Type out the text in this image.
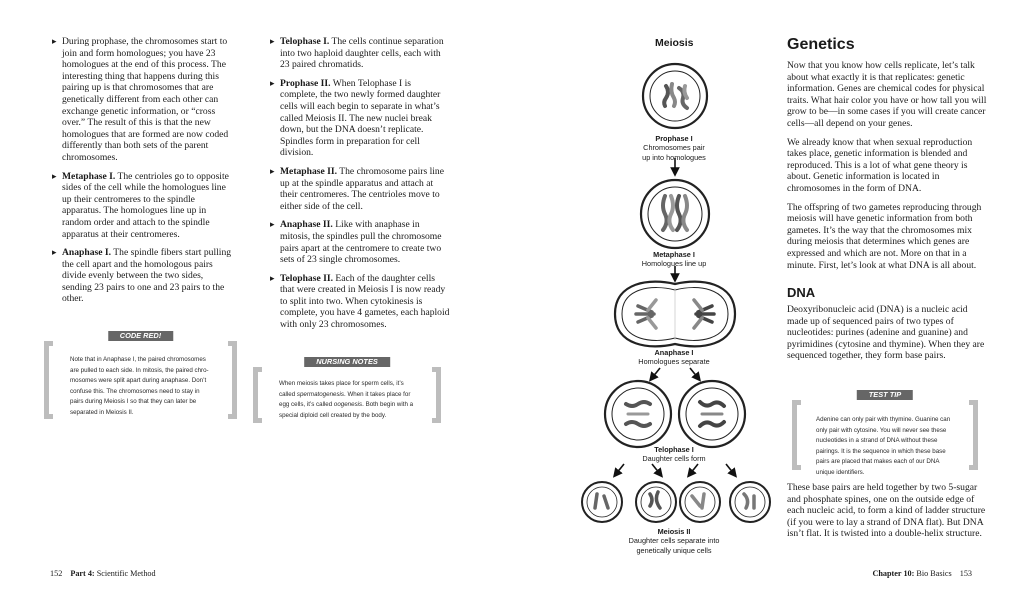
▸ During prophase, the chromosomes start to join and form homologues; you have 23 homologues at the end of this process. The interesting thing that happens during this pairing up is that chromosomes that are genetically different from each other can exchange genetic information, or “cross over.” The result of this is that the new homologues that are formed are now coded differently than both sets of the parent chromosomes.
▸ Metaphase I. The centrioles go to opposite sides of the cell while the homologues line up their centromeres to the spindle apparatus. The homologues line up in random order and attach to the spindle apparatus at their centromeres.
▸ Anaphase I. The spindle fibers start pulling the cell apart and the homologous pairs divide evenly between the two sides, sending 23 pairs to one and 23 pairs to the other.
▸ Telophase I. The cells continue separation into two haploid daughter cells, each with 23 paired chromatids.
▸ Prophase II. When Telophase I is complete, the two newly formed daughter cells will each begin to separate in what’s called Meiosis II. The new nuclei break down, but the DNA doesn’t replicate. Spindles form in preparation for cell division.
▸ Metaphase II. The chromosome pairs line up at the spindle apparatus and attach at their centromeres. The centrioles move to either side of the cell.
▸ Anaphase II. Like with anaphase in mitosis, the spindles pull the chromosome pairs apart at the centromere to create two sets of 23 single chromosomes.
▸ Telophase II. Each of the daughter cells that were created in Meiosis I is now ready to split into two. When cytokinesis is complete, you have 4 gametes, each haploid with only 23 chromosomes.
CODE RED!
Note that in Anaphase I, the paired chromosomes are pulled to each side. In mitosis, the paired chromosomes were split apart during anaphase. Don’t confuse this. The chromosomes need to stay in pairs during Meiosis I so that they can later be separated in Meiosis II.
NURSING NOTES
When meiosis takes place for sperm cells, it’s called spermatogenesis. When it takes place for egg cells, it’s called oogenesis. Both begin with a special diploid cell created by the body.
152 Part 4: Scientific Method
Meiosis
Prophase I
Chromosomes pair
up into homologues
Metaphase I
Homologues line up
Anaphase I
Homologues separate
Telophase I
Daughter cells form
Meiosis II
Daughter cells separate into
genetically unique cells
Genetics
Now that you know how cells replicate, let’s talk about what exactly it is that replicates: genetic information. Genes are chemical codes for physical traits. What hair color you have or how tall you will grow to be—in some cases if you will create cancer cells—all depend on your genes.
We already know that when sexual reproduction takes place, genetic information is blended and reproduced. This is a lot of what gene theory is about. Genetic information is located in chromosomes in the form of DNA.
The offspring of two gametes reproducing through meiosis will have genetic information from both gametes. It’s the way that the chromosomes mix during meiosis that determines which genes are expressed and which are not. More on that in a minute. First, let’s look at what DNA is all about.
DNA
Deoxyribonucleic acid (DNA) is a nucleic acid made up of sequenced pairs of two types of nucleotides: purines (adenine and guanine) and pyrimidines (cytosine and thymine). When they are sequenced together, they form base pairs.
TEST TIP
Adenine can only pair with thymine. Guanine can only pair with cytosine. You will never see these nucleotides in a strand of DNA without these pairings. It is the sequence in which these base pairs are placed that makes each of our DNA unique identifiers.
These base pairs are held together by two 5-sugar and phosphate spines, one on the outside edge of each nucleic acid, to form a kind of ladder structure (if you were to lay a strand of DNA flat). But DNA isn’t flat. It is twisted into a double-helix structure.
Chapter 10: Bio Basics 153
